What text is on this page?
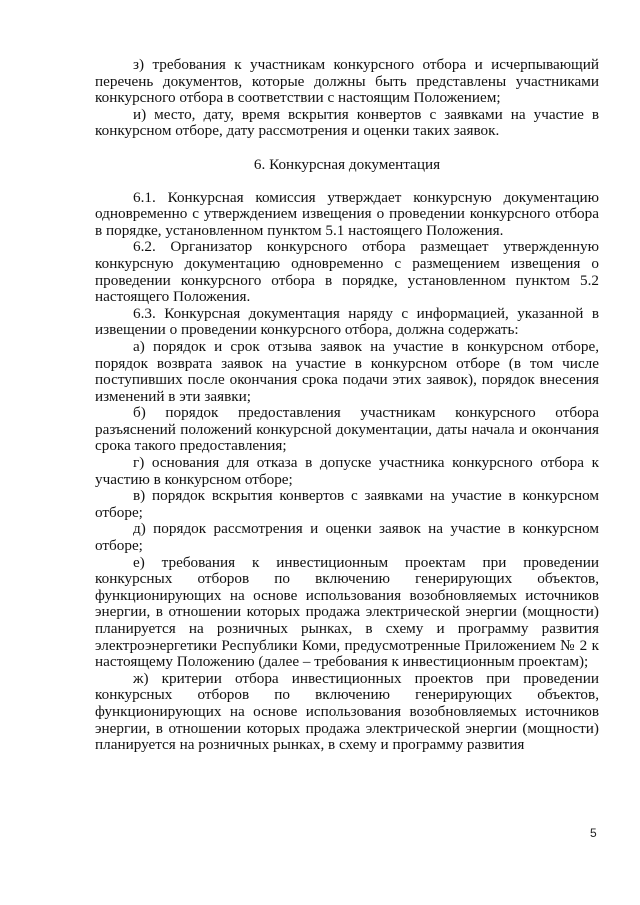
з) требования к участникам конкурсного отбора и исчерпывающий перечень документов, которые должны быть представлены участниками конкурсного отбора в соответствии с настоящим Положением;

и) место, дату, время вскрытия конвертов с заявками на участие в конкурсном отборе, дату рассмотрения и оценки таких заявок.

6. Конкурсная документация

6.1. Конкурсная комиссия утверждает конкурсную документацию одновременно с утверждением извещения о проведении конкурсного отбора в порядке, установленном пунктом 5.1 настоящего Положения.

6.2. Организатор конкурсного отбора размещает утвержденную конкурсную документацию одновременно с размещением извещения о проведении конкурсного отбора в порядке, установленном пунктом 5.2 настоящего Положения.

6.3. Конкурсная документация наряду с информацией, указанной в извещении о проведении конкурсного отбора, должна содержать:

а) порядок и срок отзыва заявок на участие в конкурсном отборе, порядок возврата заявок на участие в конкурсном отборе (в том числе поступивших после окончания срока подачи этих заявок), порядок внесения изменений в эти заявки;

б) порядок предоставления участникам конкурсного отбора разъяснений положений конкурсной документации, даты начала и окончания срока такого предоставления;

г) основания для отказа в допуске участника конкурсного отбора к участию в конкурсном отборе;

в) порядок вскрытия конвертов с заявками на участие в конкурсном отборе;

д) порядок рассмотрения и оценки заявок на участие в конкурсном отборе;

е) требования к инвестиционным проектам при проведении конкурсных отборов по включению генерирующих объектов, функционирующих на основе использования возобновляемых источников энергии, в отношении которых продажа электрической энергии (мощности) планируется на розничных рынках, в схему и программу развития электроэнергетики Республики Коми, предусмотренные Приложением № 2 к настоящему Положению (далее – требования к инвестиционным проектам);

ж) критерии отбора инвестиционных проектов при проведении конкурсных отборов по включению генерирующих объектов, функционирующих на основе использования возобновляемых источников энергии, в отношении которых продажа электрической энергии (мощности) планируется на розничных рынках, в схему и программу развития

5
